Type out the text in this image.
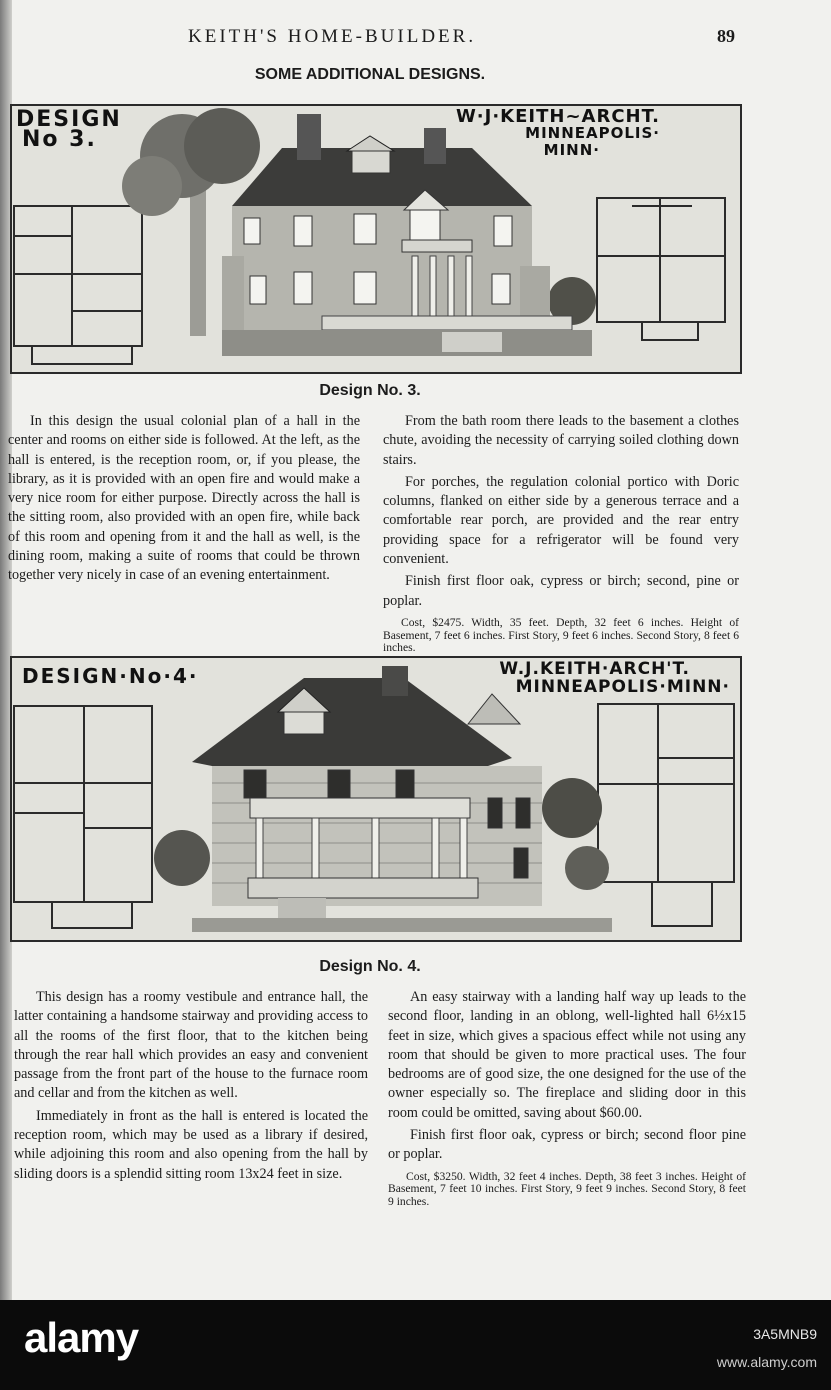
KEITH'S HOME-BUILDER.	89
SOME ADDITIONAL DESIGNS.
DESIGN
No 3.
W·J·KEITH~ARCHT.
MINNEAPOLIS·
MINN·
Design No. 3.

In this design the usual colonial plan of a hall in the center and rooms on either side is followed. At the left, as the hall is entered, is the reception room, or, if you please, the library, as it is provided with an open fire and would make a very nice room for either purpose. Directly across the hall is the sitting room, also provided with an open fire, while back of this room and opening from it and the hall as well, is the dining room, making a suite of rooms that could be thrown together very nicely in case of an evening entertainment.

From the bath room there leads to the basement a clothes chute, avoiding the necessity of carrying soiled clothing down stairs.

For porches, the regulation colonial portico with Doric columns, flanked on either side by a generous terrace and a comfortable rear porch, are provided and the rear entry providing space for a refrigerator will be found very convenient.

Finish first floor oak, cypress or birch; second, pine or poplar.

Cost, $2475. Width, 35 feet. Depth, 32 feet 6 inches. Height of Basement, 7 feet 6 inches. First Story, 9 feet 6 inches. Second Story, 8 feet 6 inches.

DESIGN·No·4·	W.J.KEITH·ARCH'T.
MINNEAPOLIS·MINN·
Design No. 4.

This design has a roomy vestibule and entrance hall, the latter containing a handsome stairway and providing access to all the rooms of the first floor, that to the kitchen being through the rear hall which provides an easy and convenient passage from the front part of the house to the furnace room and cellar and from the kitchen as well.

Immediately in front as the hall is entered is located the reception room, which may be used as a library if desired, while adjoining this room and also opening from the hall by sliding doors is a splendid sitting room 13x24 feet in size.

An easy stairway with a landing half way up leads to the second floor, landing in an oblong, well-lighted hall 6½x15 feet in size, which gives a spacious effect while not using any room that should be given to more practical uses. The four bedrooms are of good size, the one designed for the use of the owner especially so. The fireplace and sliding door in this room could be omitted, saving about $60.00.

Finish first floor oak, cypress or birch; second floor pine or poplar.

Cost, $3250. Width, 32 feet 4 inches. Depth, 38 feet 3 inches. Height of Basement, 7 feet 10 inches. First Story, 9 feet 9 inches. Second Story, 8 feet 9 inches.

alamy	3A5MNB9
www.alamy.com
